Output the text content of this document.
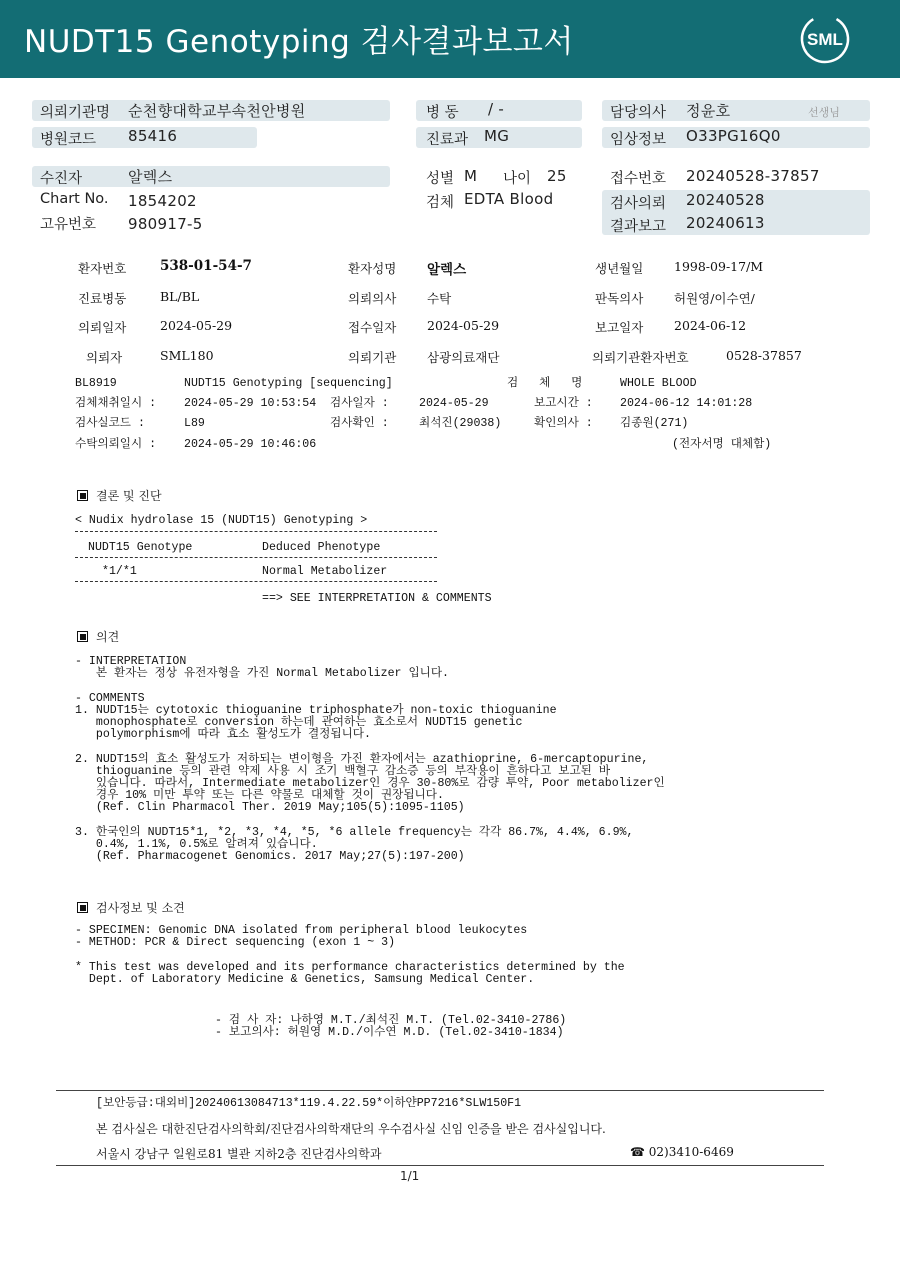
NUDT15 Genotyping 검사결과보고서	SML
의뢰기관명 순천향대학교부속천안병원
병원코드 85416
병 동 / -
진료과 MG
담당의사 정윤호	선생님
임상정보 O33PG16Q0
수진자	알렉스
Chart No. 1854202
고유번호 980917-5
성별 M 나이 25
검체 EDTA Blood
접수번호 20240528-37857
검사의뢰 20240528
결과보고 20240613
환자번호 538-01-54-7	환자성명 알렉스	생년월일 1998-09-17/M
진료병동	BL/BL	의뢰의사 수탁	판독의사 허원영/이수연/
의뢰일자	2024-05-29	접수일자 2024-05-29	보고일자 2024-06-12
의뢰자	SML180	의뢰기관 삼광의료재단	의뢰기관환자번호	0528-37857
BL8919	NUDT15 Genotyping [sequencing]	검   체   명	WHOLE BLOOD
검체채취일시 : 2024-05-29 10:53:54 검사일자 :	2024-05-29	보고시간 : 2024-06-12 14:01:28
검사실코드 :	L89	검사확인 :	최석진(29038)	확인의사 : 김종원(271)
수탁의뢰일시 : 2024-05-29 10:46:06	(전자서명 대체함)
결론 및 진단
< Nudix hydrolase 15 (NUDT15) Genotyping >
NUDT15 Genotype	Deduced Phenotype
*1/*1	Normal Metabolizer
==> SEE INTERPRETATION & COMMENTS
의견
- INTERPRETATION
본 환자는 정상 유전자형을 가진 Normal Metabolizer 입니다.

- COMMENTS
1. NUDT15는 cytotoxic thioguanine triphosphate가 non-toxic thioguanine
monophosphate로 conversion 하는데 관여하는 효소로서 NUDT15 genetic
polymorphism에 따라 효소 활성도가 결정됩니다.

2. NUDT15의 효소 활성도가 저하되는 변이형을 가진 환자에서는 azathioprine, 6-mercaptopurine,
thioguanine 등의 관련 약제 사용 시 조기 백혈구 감소증 등의 부작용이 흔하다고 보고된 바
있습니다. 따라서, Intermediate metabolizer인 경우 30-80%로 감량 투약, Poor metabolizer인
경우 10% 미만 투약 또는 다른 약물로 대체할 것이 권장됩니다.
(Ref. Clin Pharmacol Ther. 2019 May;105(5):1095-1105)

3. 한국인의 NUDT15*1, *2, *3, *4, *5, *6 allele frequency는 각각 86.7%, 4.4%, 6.9%,
0.4%, 1.1%, 0.5%로 알려져 있습니다.
(Ref. Pharmacogenet Genomics. 2017 May;27(5):197-200)
검사정보 및 소견
- SPECIMEN: Genomic DNA isolated from peripheral blood leukocytes
- METHOD: PCR & Direct sequencing (exon 1 ~ 3)

* This test was developed and its performance characteristics determined by the
Dept. of Laboratory Medicine & Genetics, Samsung Medical Center.
- 검 사 자: 나하영 M.T./최석진 M.T. (Tel.02-3410-2786)
- 보고의사: 허원영 M.D./이수연 M.D. (Tel.02-3410-1834)
[보안등급:대외비]20240613084713*119.4.22.59*이하얀PP7216*SLW150F1
본 검사실은 대한진단검사의학회/진단검사의학재단의 우수검사실 신임 인증을 받은 검사실입니다.
서울시 강남구 일원로81 별관 지하2층 진단검사의학과	☎ 02)3410-6469
1/1
